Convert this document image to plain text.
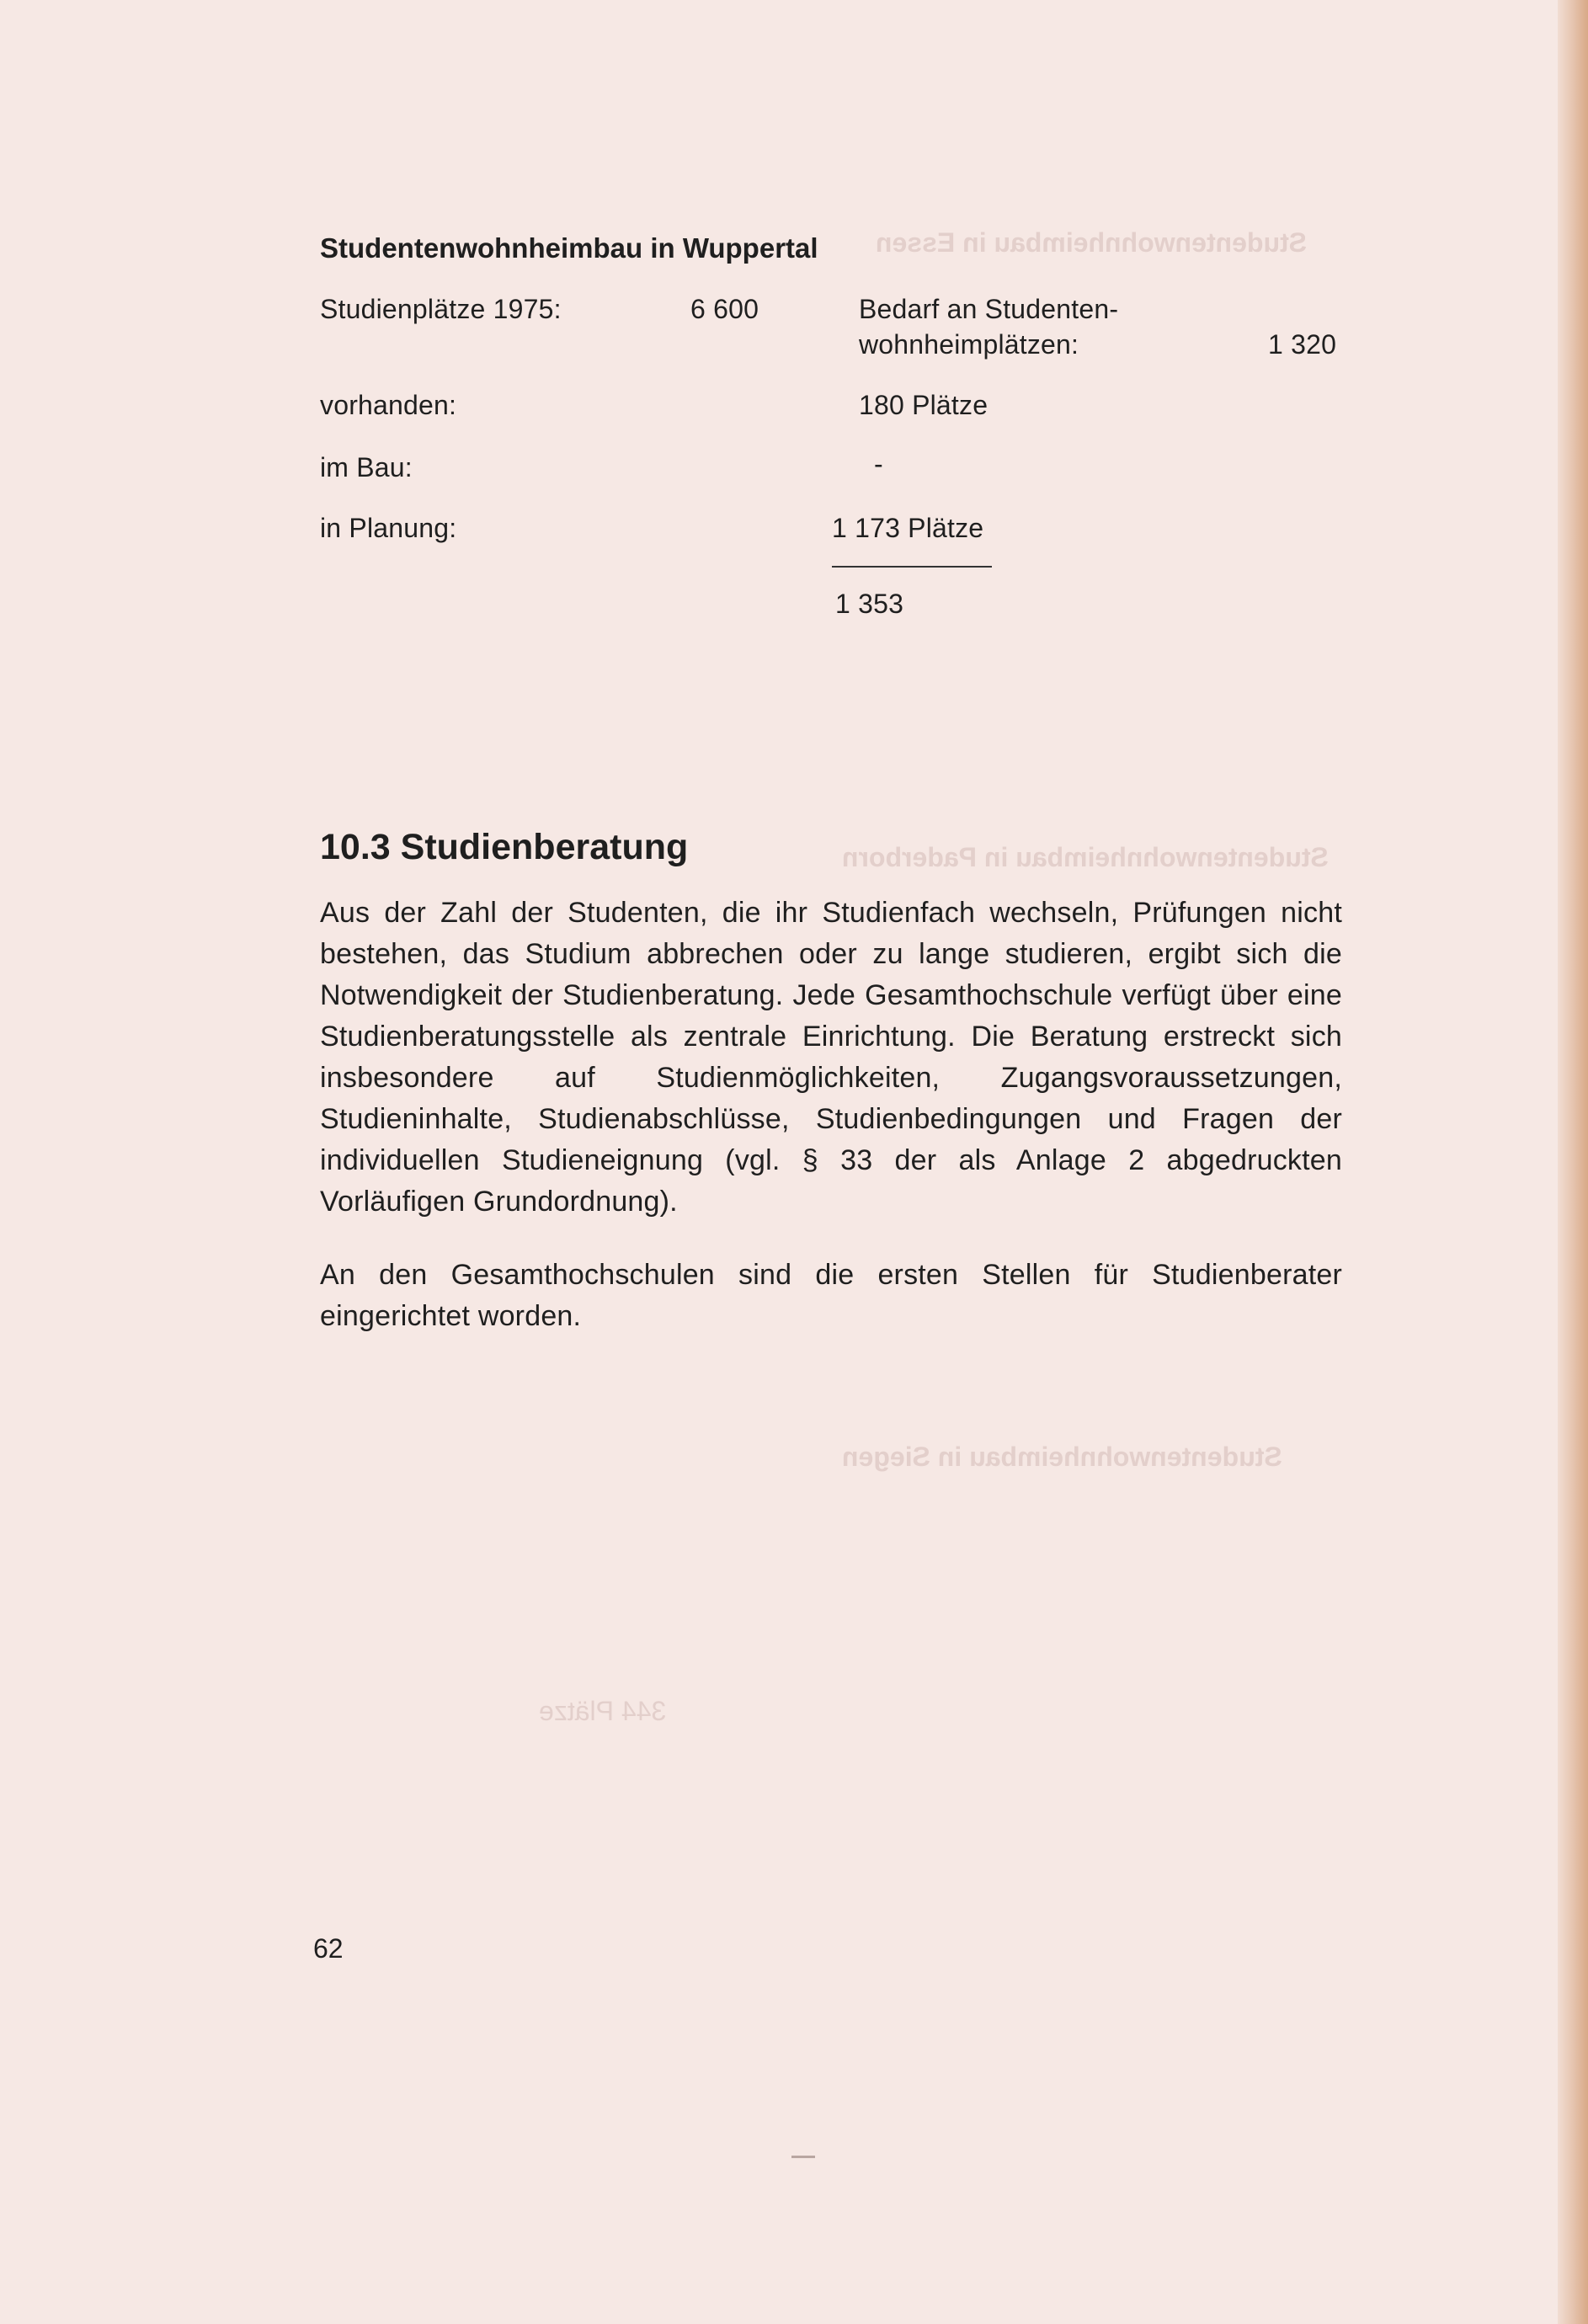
Studentenwohnheimbau in Essen
Studentenwohnheimbau in Paderborn
Studentenwohnheimbau in Siegen
344 Plätze
Studentenwohnheimbau in Wuppertal
Studienplätze 1975:	6 600	Bedarf an Studenten-
wohnheimplätzen:	1 320
vorhanden:	180 Plätze
im Bau:	-
in Planung:	1 173 Plätze
1 353
10.3 Studienberatung

Aus der Zahl der Studenten, die ihr Studienfach wechseln, Prüfungen nicht bestehen, das Studium abbrechen oder zu lange studieren, ergibt sich die Notwendigkeit der Studienberatung. Jede Gesamthochschule verfügt über eine Studienberatungsstelle als zentrale Einrichtung. Die Beratung erstreckt sich insbesondere auf Studienmöglichkeiten, Zugangsvoraussetzungen, Studieninhalte, Studienabschlüsse, Studienbedingungen und Fragen der individuellen Studieneignung (vgl. § 33 der als Anlage 2 abgedruckten Vorläufigen Grundordnung).

An den Gesamthochschulen sind die ersten Stellen für Studienberater eingerichtet worden.

62
